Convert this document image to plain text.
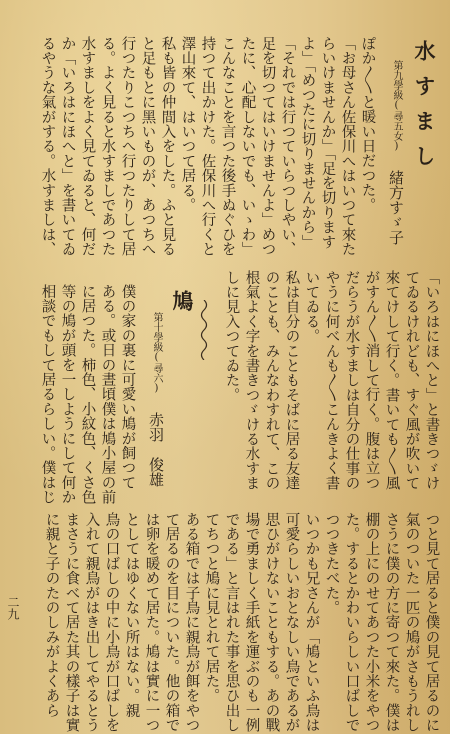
水すまし
第九學級(尋五女)緒方すゞ子
ぽか〳〵と暖い日だつた。
「お母さん佐保川へはいつて來た
らいけませんか」「足を切ります
よ」「めつたに切りませんから」
「それでは行つていらつしやい、
足を切つてはいけませんよ」めつ
たに、心配しないでも、いゝわ」
こんなことを言つた後手ぬぐひを
持つて出かけた。佐保川へ行くと
澤山來て、はいつて居る。
私も皆の仲間入をした。ふと見る
と足もとに黑いものが、あつちへ
行つたりこつちへ行つたりして居
る。よく見ると水すましであつた
水すましをよく見てゐると、何だ
か「いろはにほへと」を書いてゐ
るやうな氣がする。水すましは、
「いろはにほへと」と書きつゞけ
てゐるけれども、すぐ風が吹いて
來てけして行く。書いても〳〵風
がすん〳〵消して行く。腹は立つ
だらうが水すましは自分の仕事の
やうに何べんも〳〵こんきよく書
いてゐる。
私は自分のこともそばに居る友達
のことも、みんなわすれて、この
根氣よく字を書きつゞける水すま
しに見入つてゐた。
鳩
第十學級(尋六)赤羽　俊雄
僕の家の裏に可愛い鳩が飼つて
ある。或日の晝頃僕は鳩小屋の前
に居つた。柿色、小紋色、くさ色
等の鳩が頭を一しようにして何か
相談でもして居るらしい。僕はじ
つと見て居ると僕の見て居るのに
氣のついた一匹の鳩がさもうれし
さうに僕の方に寄つて來た。僕は
棚の上にのせてあつた小米をやつ
た。するとかわいらしい口ばしで
つつきたべた。
いつかも兄さんが「鳩といふ鳥は
可愛らしいおとなしい鳥であるが
思ひがけないこともする。あの戰
場で勇ましく手紙を運ぶのも一例
である」と言はれた事を思ひ出し
てちつと鳩に見とれて居た。
ある箱では子鳥に親鳥が餌をやつ
て居るのを目についた。他の箱で
は卵を暖めて居た。鳩は實に一つ
としてはゆくない所はない。親
鳥の口ばしの中に小鳥が口ばしを
入れて親鳥がはき出してやるとう
まさうに食べて居た其の樣子は實
に親と子のたのしみがよくあら
二九
